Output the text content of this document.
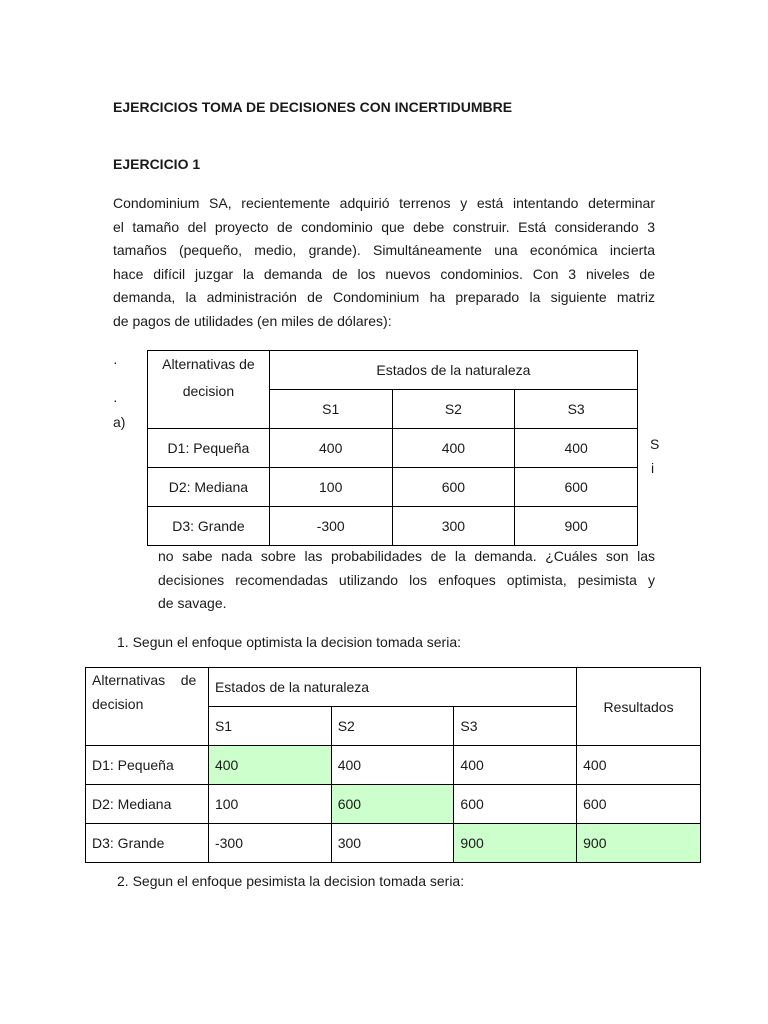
EJERCICIOS TOMA DE DECISIONES CON INCERTIDUMBRE
EJERCICIO 1
Condominium SA, recientemente adquirió terrenos y está intentando determinar
el tamaño del proyecto de condominio que debe construir. Está considerando 3
tamaños (pequeño, medio, grande). Simultáneamente una económica incierta
hace difícil juzgar la demanda de los nuevos condominios. Con 3 niveles de
demanda, la administración de Condominium ha preparado la siguiente matriz
de pagos de utilidades (en miles de dólares):
·
·
a)
S
i
Alternativas de
decision	Estados de la naturaleza		
	S1	S2	S3
D1: Pequeña	400	400	400
D2: Mediana	100	600	600
D3: Grande	-300	300	900
no sabe nada sobre las probabilidades de la demanda. ¿Cuáles son las
decisiones recomendadas utilizando los enfoques optimista, pesimista y
de savage.
1. Segun el enfoque optimista la decision tomada seria:
Alternativas    de
decision	Estados de la naturaleza			Resultados
	S1	S2	S3	
D1: Pequeña	400	400	400	400
D2: Mediana	100	600	600	600
D3: Grande	-300	300	900	900
2. Segun el enfoque pesimista la decision tomada seria:
